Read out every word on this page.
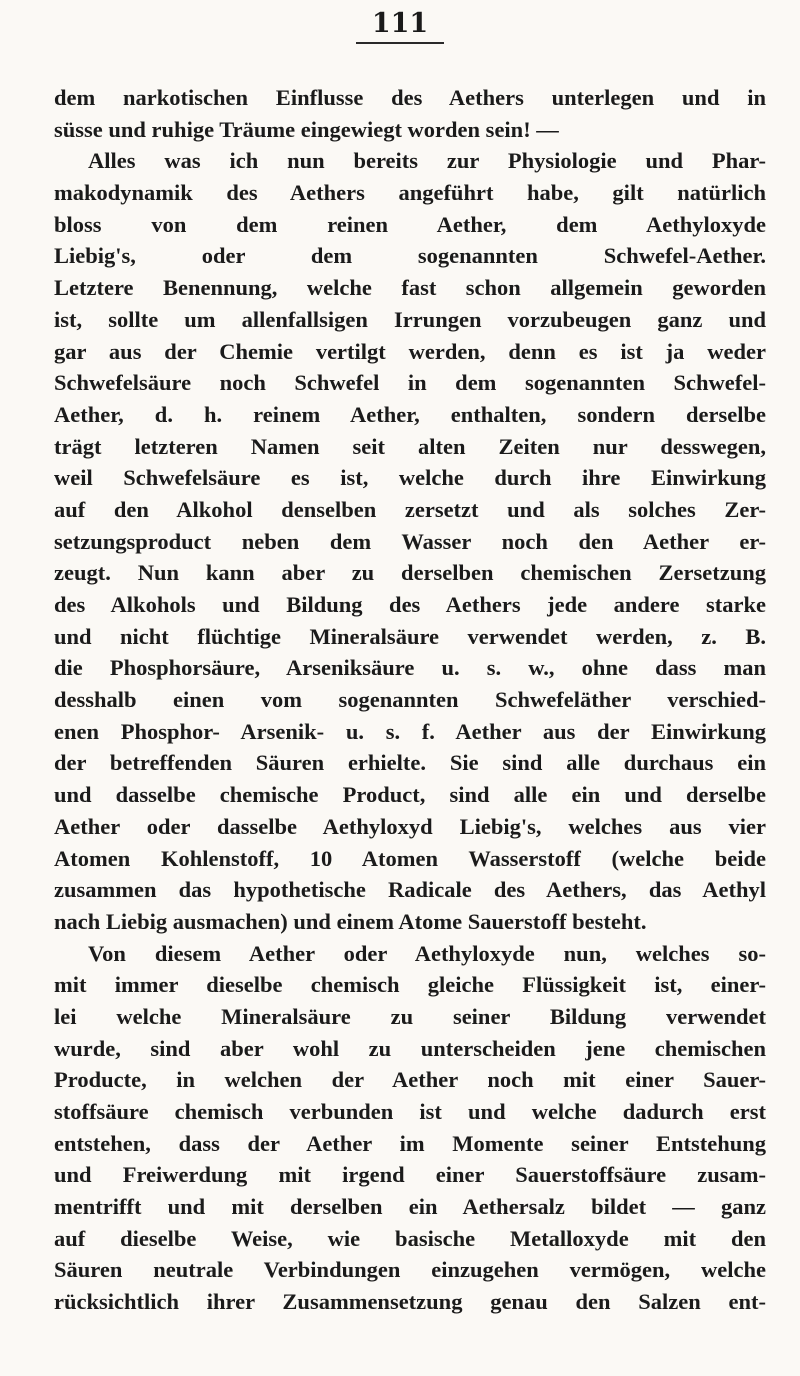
111
dem narkotischen Einflusse des Aethers unterlegen und in
süsse und ruhige Träume eingewiegt worden sein! —
Alles was ich nun bereits zur Physiologie und Phar-
makodynamik des Aethers angeführt habe, gilt natürlich
bloss von dem reinen Aether, dem Aethyloxyde
Liebig's, oder dem sogenannten Schwefel-Aether.
Letztere Benennung, welche fast schon allgemein geworden
ist, sollte um allenfallsigen Irrungen vorzubeugen ganz und
gar aus der Chemie vertilgt werden, denn es ist ja weder
Schwefelsäure noch Schwefel in dem sogenannten Schwefel-
Aether, d. h. reinem Aether, enthalten, sondern derselbe
trägt letzteren Namen seit alten Zeiten nur desswegen,
weil Schwefelsäure es ist, welche durch ihre Einwirkung
auf den Alkohol denselben zersetzt und als solches Zer-
setzungsproduct neben dem Wasser noch den Aether er-
zeugt. Nun kann aber zu derselben chemischen Zersetzung
des Alkohols und Bildung des Aethers jede andere starke
und nicht flüchtige Mineralsäure verwendet werden, z. B.
die Phosphorsäure, Arseniksäure u. s. w., ohne dass man
desshalb einen vom sogenannten Schwefeläther verschied-
enen Phosphor- Arsenik- u. s. f. Aether aus der Einwirkung
der betreffenden Säuren erhielte. Sie sind alle durchaus ein
und dasselbe chemische Product, sind alle ein und derselbe
Aether oder dasselbe Aethyloxyd Liebig's, welches aus vier
Atomen Kohlenstoff, 10 Atomen Wasserstoff (welche beide
zusammen das hypothetische Radicale des Aethers, das Aethyl
nach Liebig ausmachen) und einem Atome Sauerstoff besteht.
Von diesem Aether oder Aethyloxyde nun, welches so-
mit immer dieselbe chemisch gleiche Flüssigkeit ist, einer-
lei welche Mineralsäure zu seiner Bildung verwendet
wurde, sind aber wohl zu unterscheiden jene chemischen
Producte, in welchen der Aether noch mit einer Sauer-
stoffsäure chemisch verbunden ist und welche dadurch erst
entstehen, dass der Aether im Momente seiner Entstehung
und Freiwerdung mit irgend einer Sauerstoffsäure zusam-
mentrifft und mit derselben ein Aethersalz bildet — ganz
auf dieselbe Weise, wie basische Metalloxyde mit den
Säuren neutrale Verbindungen einzugehen vermögen, welche
rücksichtlich ihrer Zusammensetzung genau den Salzen ent-
